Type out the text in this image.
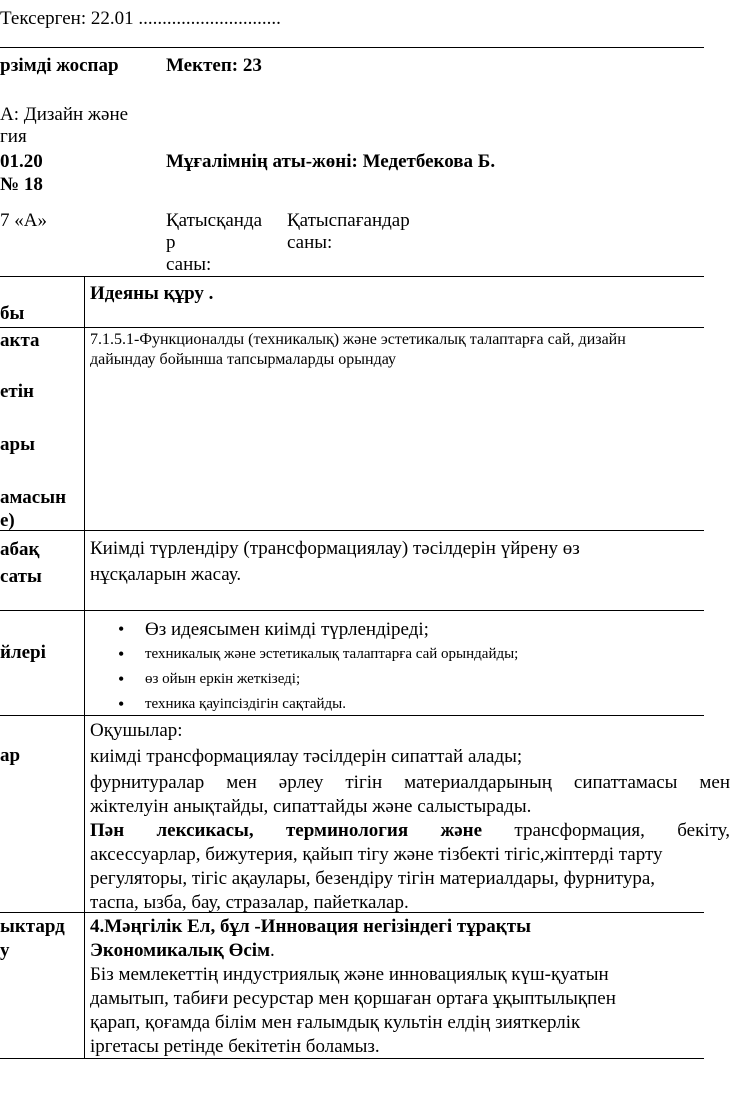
Тексерген: 22.01 ..............................
рзімді жоспар Мектеп: 23
А: Дизайн және
гия
01.20
№ 18
Мұғалімнің аты-жөні: Медетбекова Б.
7 «А»	Қатысқанда
р
саны:
Қатыспағандар
саны:
бы
Идеяны құру .
акта
етін
ары
амасын
е)
7.1.5.1-Функционалды (техникалық) және эстетикалық талаптарға сай, дизайн
дайындау бойынша тапсырмаларды орындау
абақ
саты
Киімді түрлендіру (трансформациялау) тәсілдерін үйрену өз
нұсқаларын жасау.
йлері
• Өз идеясымен киімді түрлендіреді;
• техникалық және эстетикалық талаптарға сай орындайды;
• өз ойын еркін жеткізеді;
• техника қауіпсіздігін сақтайды.
ар
Оқушылар:
киімді трансформациялау тәсілдерін сипаттай алады;
фурнитуралар мен әрлеу тігін материалдарының сипаттамасы мен
жіктелуін анықтайды, сипаттайды және салыстырады.
Пән лексикасы, терминология және трансформация, бекіту,
аксессуарлар, бижутерия, қайып тігу және тізбекті тігіс,жіптерді тарту
регуляторы, тігіс ақаулары, безендіру тігін материалдары, фурнитура,
таспа, ызба, бау, стразалар, пайеткалар.
ыктард
у
4.Мәңгілік Ел, бұл -Инновация негізіндегі тұрақты
Экономикалық Өсім.
Біз мемлекеттің индустриялық және инновациялық күш-қуатын
дамытып, табиғи ресурстар мен қоршаған ортаға ұқыптылықпен
қарап, қоғамда білім мен ғалымдық культін елдің зияткерлік
іргетасы ретінде бекітетін боламыз.
